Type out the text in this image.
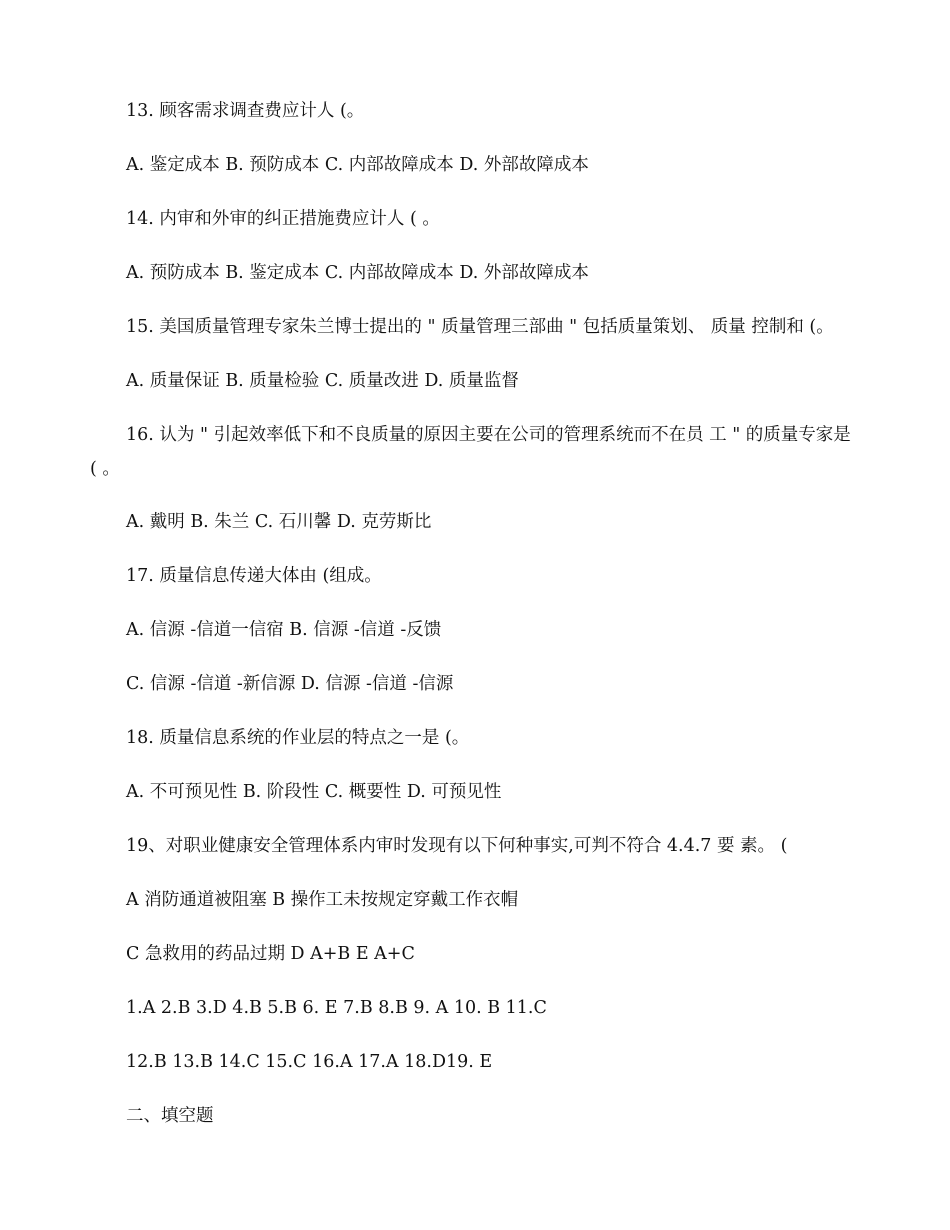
13. 顾客需求调查费应计人 (。

A. 鉴定成本 B. 预防成本 C. 内部故障成本 D. 外部故障成本

14. 内审和外审的纠正措施费应计人 ( 。

A. 预防成本 B. 鉴定成本 C. 内部故障成本 D. 外部故障成本

15. 美国质量管理专家朱兰博士提出的 " 质量管理三部曲 " 包括质量策划、 质量 控制和 (。

A. 质量保证 B. 质量检验 C. 质量改进 D. 质量监督

16. 认为 " 引起效率低下和不良质量的原因主要在公司的管理系统而不在员 工 " 的质量专家是 ( 。

A. 戴明 B. 朱兰 C. 石川馨 D. 克劳斯比

17. 质量信息传递大体由 (组成。

A. 信源 -信道一信宿 B. 信源 -信道 -反馈

C. 信源 -信道 -新信源 D. 信源 -信道 -信源

18. 质量信息系统的作业层的特点之一是 (。

A. 不可预见性 B. 阶段性 C. 概要性 D. 可预见性

19、对职业健康安全管理体系内审时发现有以下何种事实,可判不符合 4.4.7 要 素。 (

A 消防通道被阻塞 B 操作工未按规定穿戴工作衣帽

C 急救用的药品过期 D A+B E A+C

1.A 2.B 3.D 4.B 5.B 6. E 7.B 8.B 9. A 10. B 11.C

12.B 13.B 14.C 15.C 16.A 17.A 18.D19. E

二、填空题
